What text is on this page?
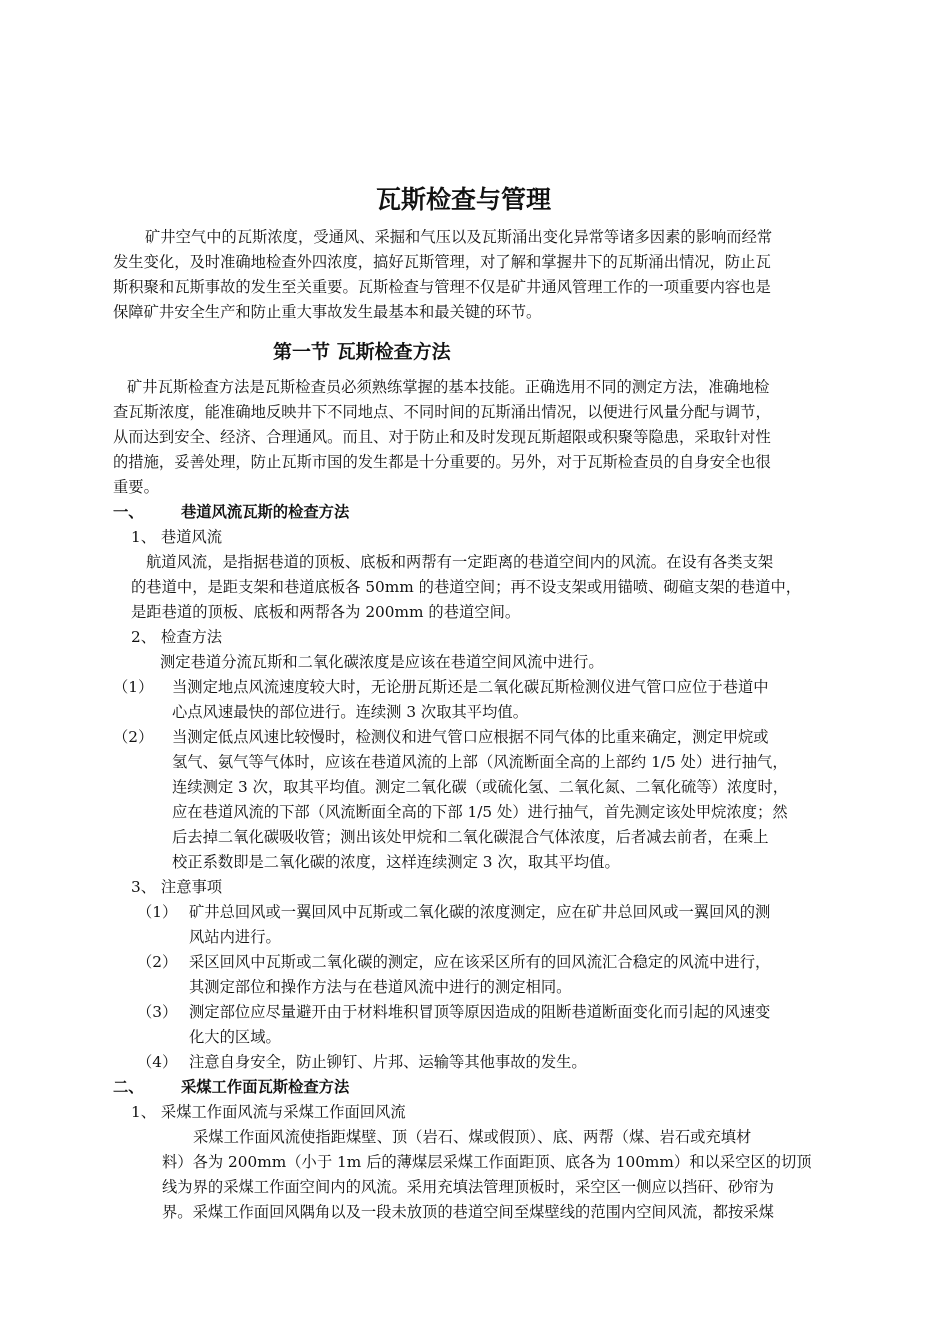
瓦斯检查与管理
矿井空气中的瓦斯浓度，受通风、采掘和气压以及瓦斯涌出变化异常等诸多因素的影响而经常
发生变化，及时准确地检查外四浓度，搞好瓦斯管理，对了解和掌握井下的瓦斯涌出情况，防止瓦
斯积聚和瓦斯事故的发生至关重要。瓦斯检查与管理不仅是矿井通风管理工作的一项重要内容也是
保障矿井安全生产和防止重大事故发生最基本和最关键的环节。
第一节 瓦斯检查方法
矿井瓦斯检查方法是瓦斯检查员必须熟练掌握的基本技能。正确选用不同的测定方法，准确地检
查瓦斯浓度，能准确地反映井下不同地点、不同时间的瓦斯涌出情况，以便进行风量分配与调节，
从而达到安全、经济、合理通风。而且、对于防止和及时发现瓦斯超限或积聚等隐患，采取针对性
的措施，妥善处理，防止瓦斯市国的发生都是十分重要的。另外，对于瓦斯检查员的自身安全也很
重要。
一、 巷道风流瓦斯的检查方法
1、 巷道风流
航道风流，是指据巷道的顶板、底板和两帮有一定距离的巷道空间内的风流。在设有各类支架
的巷道中，是距支架和巷道底板各 50mm 的巷道空间；再不设支架或用锚喷、砌碹支架的巷道中，
是距巷道的顶板、底板和两帮各为 200mm 的巷道空间。
2、 检查方法
测定巷道分流瓦斯和二氧化碳浓度是应该在巷道空间风流中进行。
（1） 当测定地点风流速度较大时，无论册瓦斯还是二氧化碳瓦斯检测仪进气管口应位于巷道中
心点风速最快的部位进行。连续测 3 次取其平均值。
（2） 当测定低点风速比较慢时，检测仪和进气管口应根据不同气体的比重来确定，测定甲烷或
氢气、氨气等气体时，应该在巷道风流的上部（风流断面全高的上部约 1/5 处）进行抽气，
连续测定 3 次，取其平均值。测定二氧化碳（或硫化氢、二氧化氮、二氧化硫等）浓度时，
应在巷道风流的下部（风流断面全高的下部 1/5 处）进行抽气，首先测定该处甲烷浓度；然
后去掉二氧化碳吸收管；测出该处甲烷和二氧化碳混合气体浓度，后者减去前者，在乘上
校正系数即是二氧化碳的浓度，这样连续测定 3 次，取其平均值。
3、 注意事项
（1） 矿井总回风或一翼回风中瓦斯或二氧化碳的浓度测定，应在矿井总回风或一翼回风的测
风站内进行。
（2） 采区回风中瓦斯或二氧化碳的测定，应在该采区所有的回风流汇合稳定的风流中进行，
其测定部位和操作方法与在巷道风流中进行的测定相同。
（3） 测定部位应尽量避开由于材料堆积冒顶等原因造成的阻断巷道断面变化而引起的风速变
化大的区域。
（4） 注意自身安全，防止铆钉、片邦、运输等其他事故的发生。
二、 采煤工作面瓦斯检查方法
1、 采煤工作面风流与采煤工作面回风流
采煤工作面风流使指距煤壁、顶（岩石、煤或假顶）、底、两帮（煤、岩石或充填材
料）各为 200mm（小于 1m 后的薄煤层采煤工作面距顶、底各为 100mm）和以采空区的切顶
线为界的采煤工作面空间内的风流。采用充填法管理顶板时，采空区一侧应以挡矸、砂帘为
界。采煤工作面回风隅角以及一段未放顶的巷道空间至煤壁线的范围内空间风流，都按采煤
